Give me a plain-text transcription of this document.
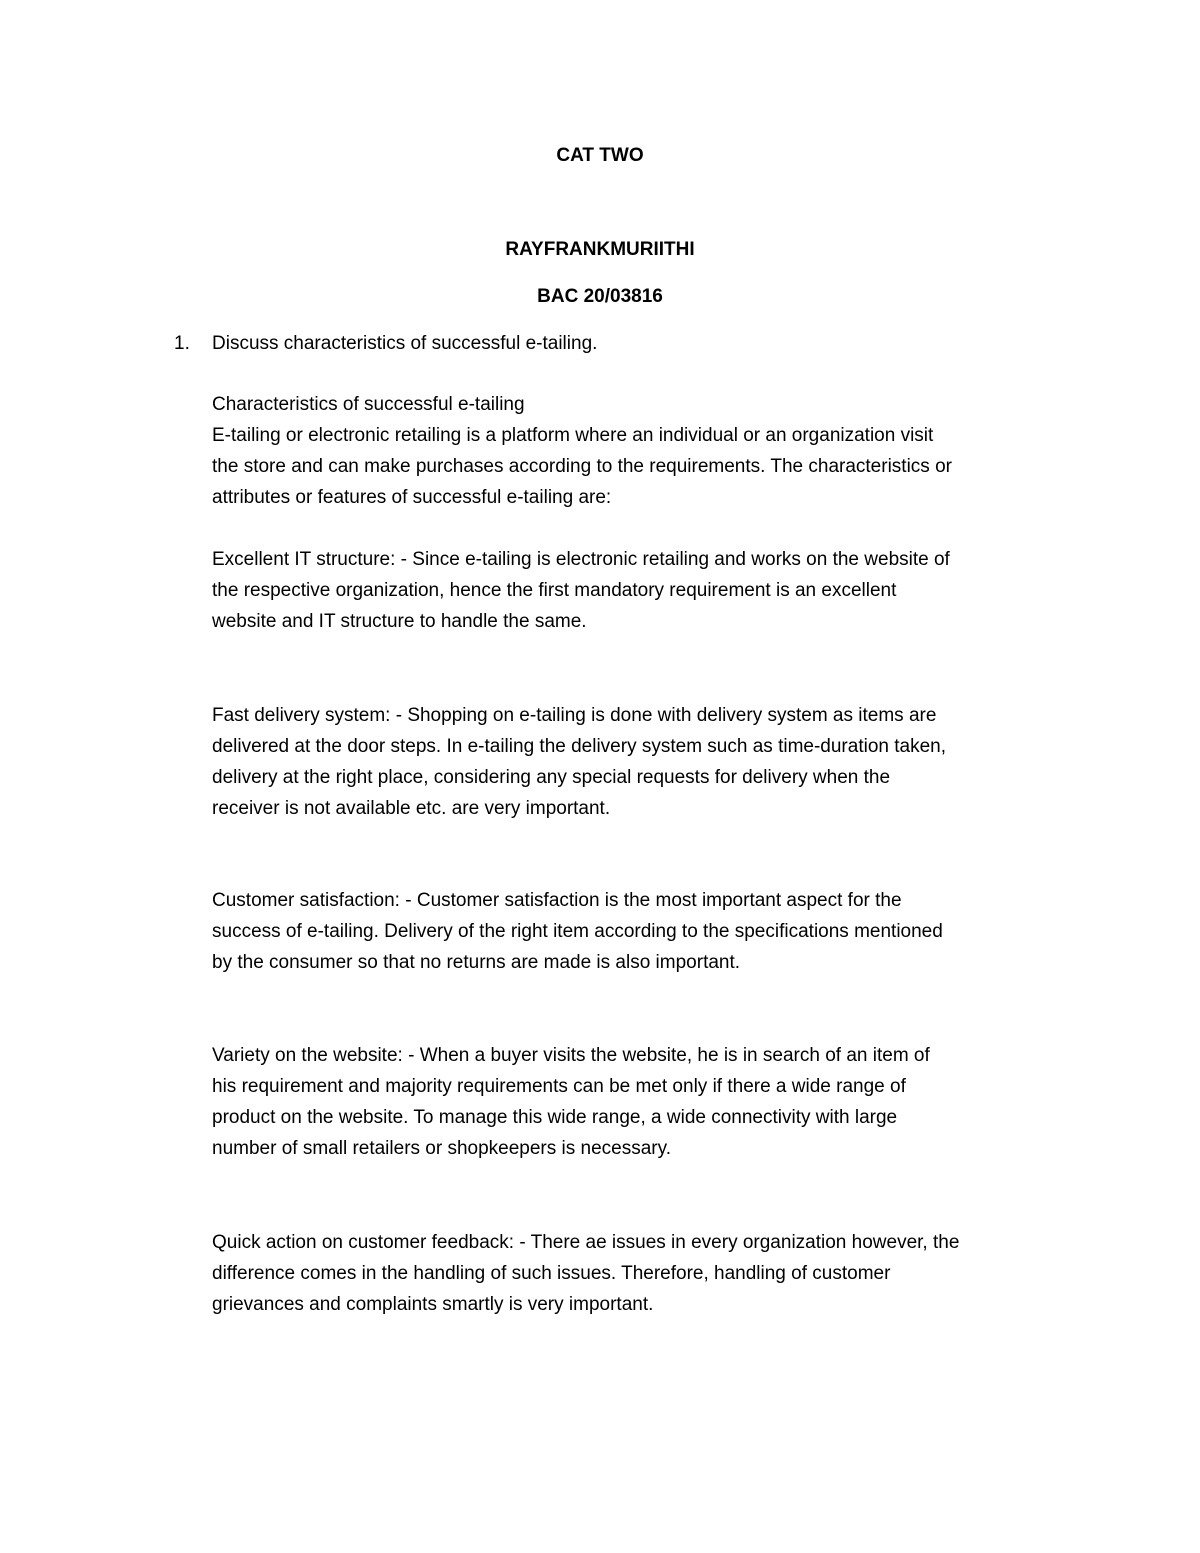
CAT TWO
RAYFRANKMURIITHI
BAC 20/03816
1. Discuss characteristics of successful e-tailing.
Characteristics of successful e-tailing
E-tailing or electronic retailing is a platform where an individual or an organization visit
the store and can make purchases according to the requirements. The characteristics or
attributes or features of successful e-tailing are:
Excellent IT structure: - Since e-tailing is electronic retailing and works on the website of
the respective organization, hence the first mandatory requirement is an excellent
website and IT structure to handle the same.
Fast delivery system: - Shopping on e-tailing is done with delivery system as items are
delivered at the door steps. In e-tailing the delivery system such as time-duration taken,
delivery at the right place, considering any special requests for delivery when the
receiver is not available etc. are very important.
Customer satisfaction: - Customer satisfaction is the most important aspect for the
success of e-tailing. Delivery of the right item according to the specifications mentioned
by the consumer so that no returns are made is also important.
Variety on the website: - When a buyer visits the website, he is in search of an item of
his requirement and majority requirements can be met only if there a wide range of
product on the website. To manage this wide range, a wide connectivity with large
number of small retailers or shopkeepers is necessary.
Quick action on customer feedback: - There ae issues in every organization however, the
difference comes in the handling of such issues. Therefore, handling of customer
grievances and complaints smartly is very important.
